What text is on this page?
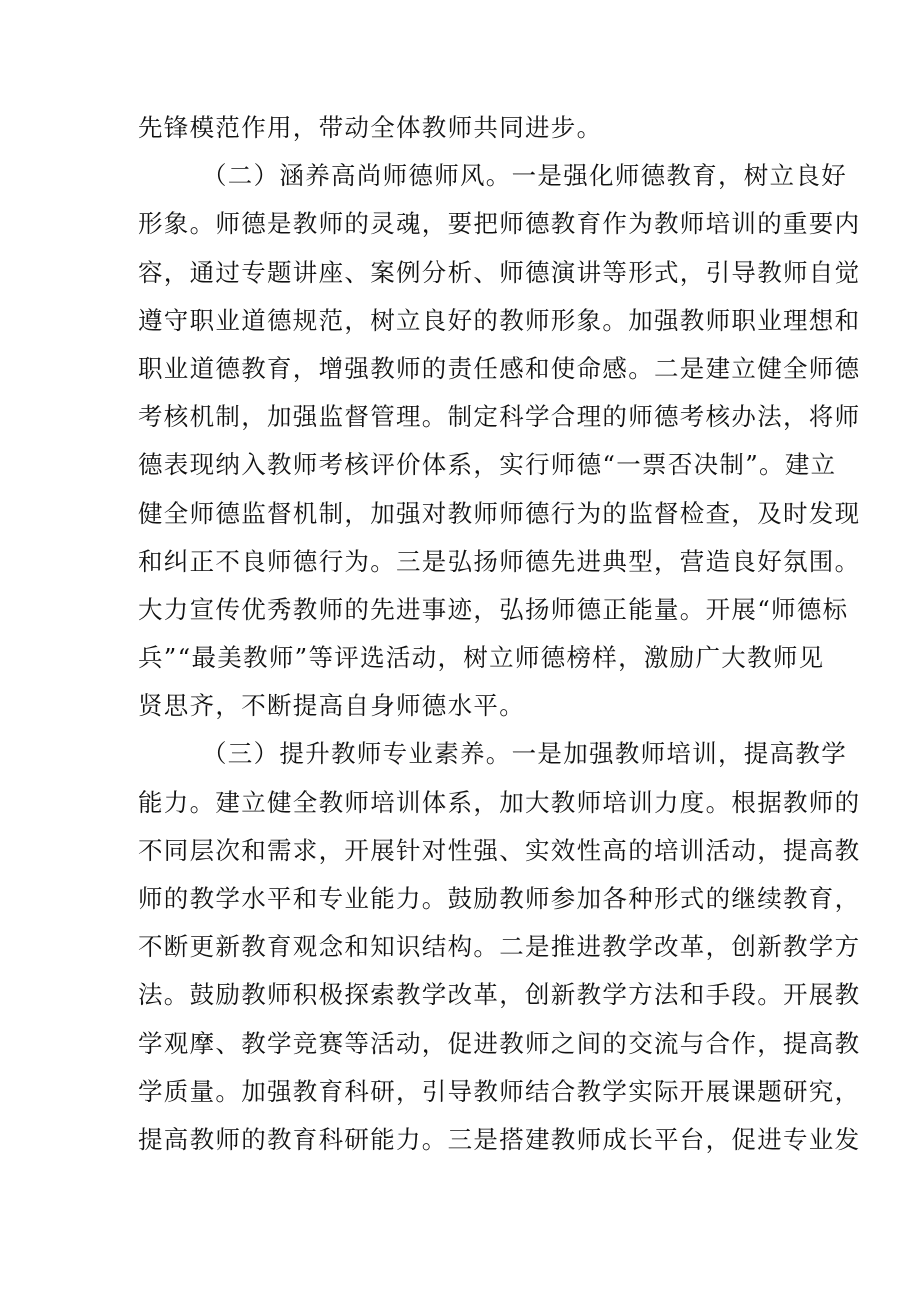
先锋模范作用，带动全体教师共同进步。
（二）涵养高尚师德师风。一是强化师德教育，树立良好
形象。师德是教师的灵魂，要把师德教育作为教师培训的重要内
容，通过专题讲座、案例分析、师德演讲等形式，引导教师自觉
遵守职业道德规范，树立良好的教师形象。加强教师职业理想和
职业道德教育，增强教师的责任感和使命感。二是建立健全师德
考核机制，加强监督管理。制定科学合理的师德考核办法，将师
德表现纳入教师考核评价体系，实行师德“一票否决制”。建立
健全师德监督机制，加强对教师师德行为的监督检查，及时发现
和纠正不良师德行为。三是弘扬师德先进典型，营造良好氛围。
大力宣传优秀教师的先进事迹，弘扬师德正能量。开展“师德标
兵”“最美教师”等评选活动，树立师德榜样，激励广大教师见
贤思齐，不断提高自身师德水平。
（三）提升教师专业素养。一是加强教师培训，提高教学
能力。建立健全教师培训体系，加大教师培训力度。根据教师的
不同层次和需求，开展针对性强、实效性高的培训活动，提高教
师的教学水平和专业能力。鼓励教师参加各种形式的继续教育，
不断更新教育观念和知识结构。二是推进教学改革，创新教学方
法。鼓励教师积极探索教学改革，创新教学方法和手段。开展教
学观摩、教学竞赛等活动，促进教师之间的交流与合作，提高教
学质量。加强教育科研，引导教师结合教学实际开展课题研究，
提高教师的教育科研能力。三是搭建教师成长平台，促进专业发
